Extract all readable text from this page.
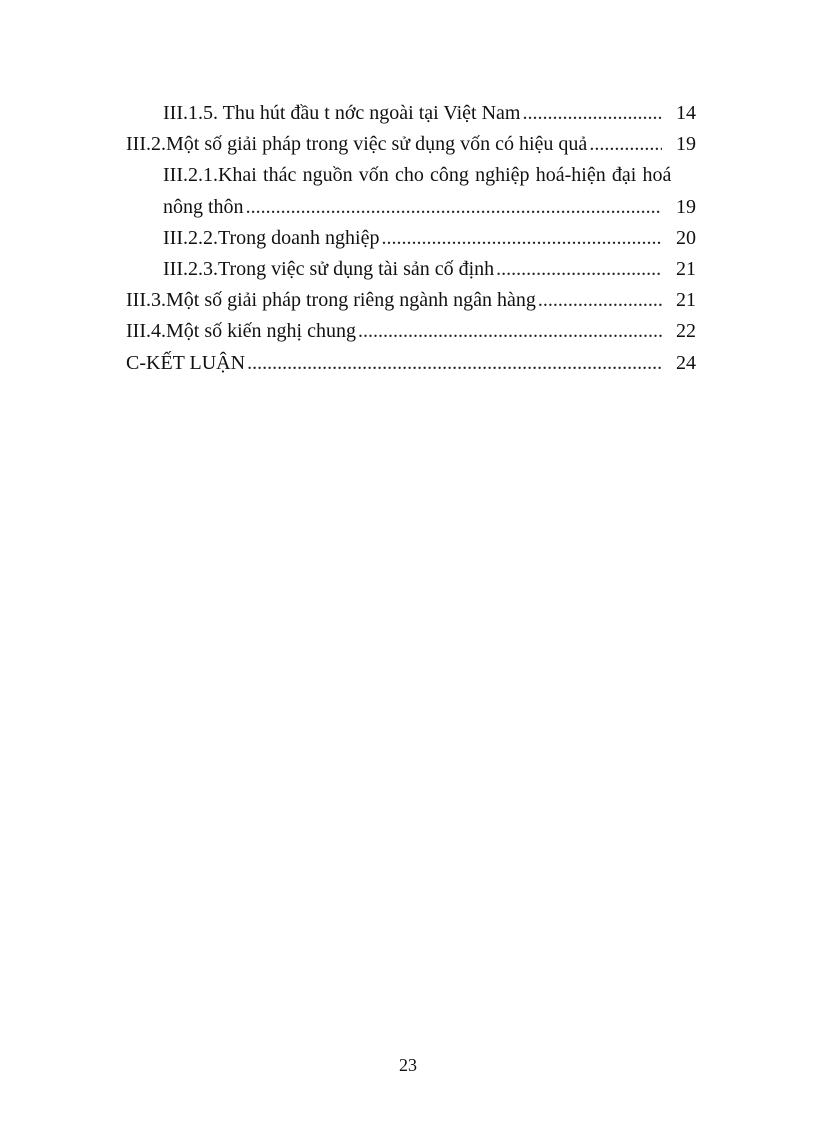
III.1.5. Thu hút đầu t nớc ngoài tại Việt Nam .....	14
III.2.Một số giải pháp trong việc sử dụng vốn có hiệu quả .....	19
III.2.1.Khai thác nguồn vốn cho công nghiệp hoá-hiện đại hoá
nông thôn .....	19
III.2.2.Trong doanh nghiệp .....	20
III.2.3.Trong việc sử dụng tài sản cố định .....	21
III.3.Một số giải pháp trong riêng ngành ngân hàng .....	21
III.4.Một số kiến nghị chung .....	22
C-KẾT LUẬN .....	24
23
